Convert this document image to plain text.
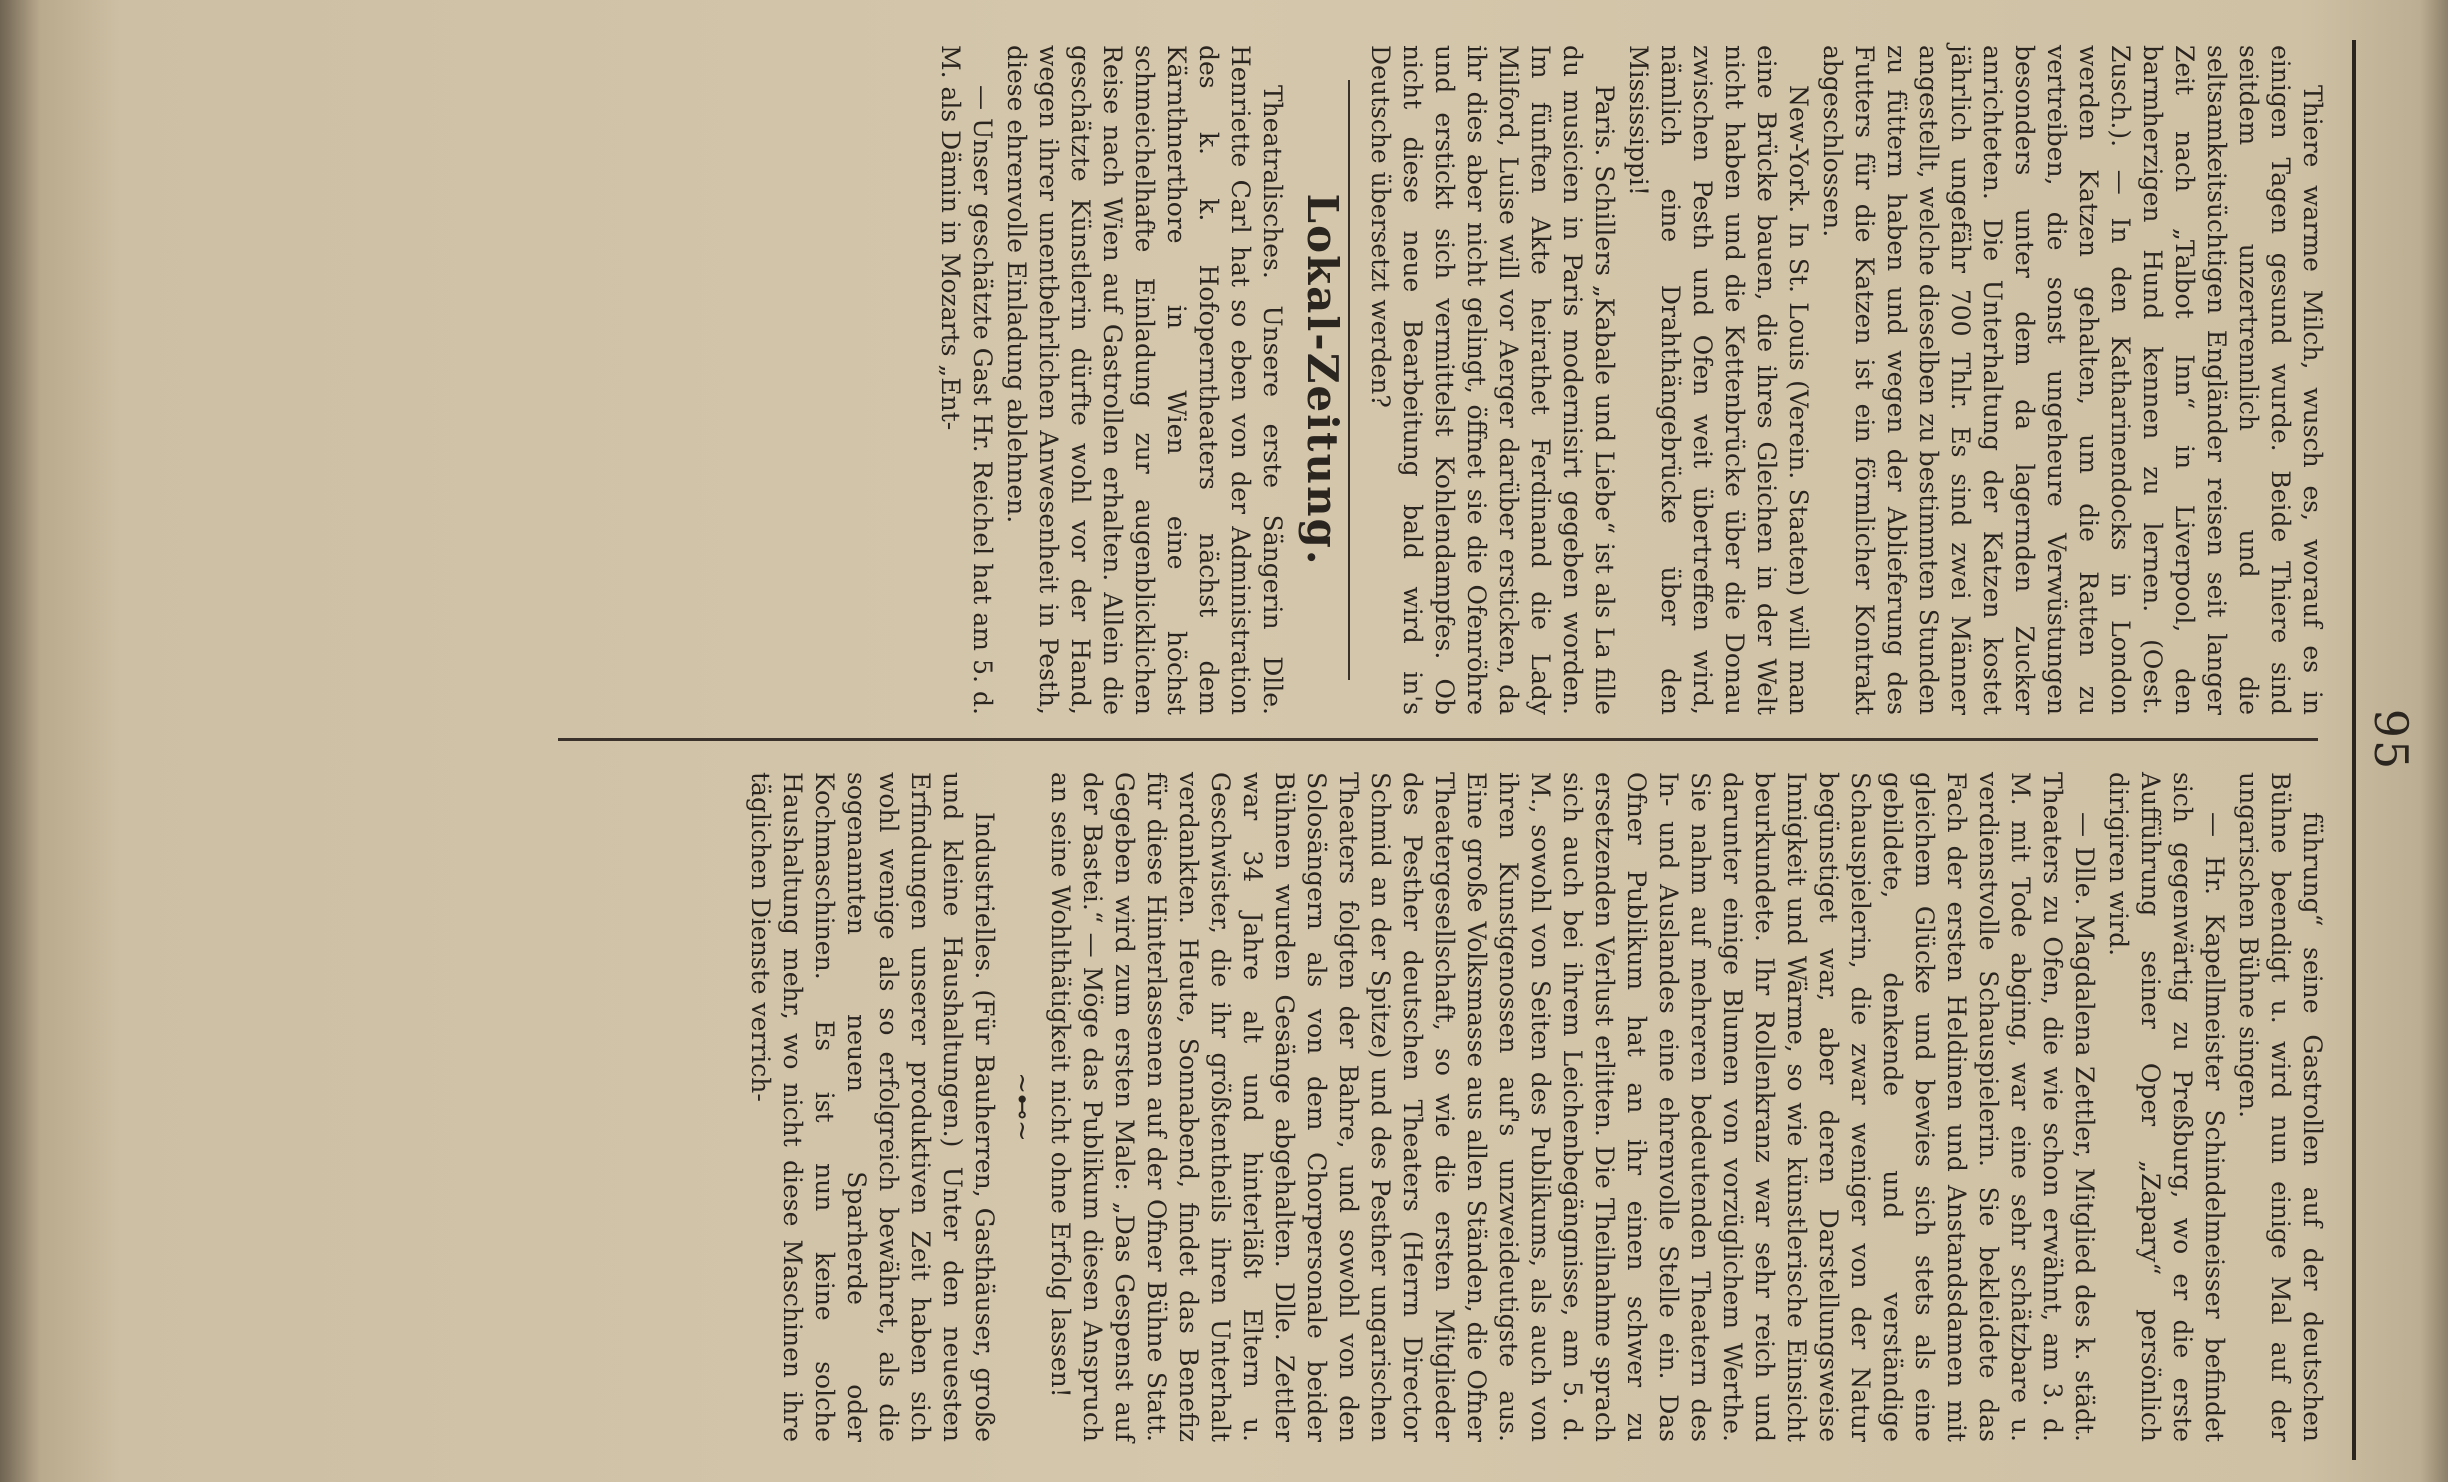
95

Thiere warme Milch, wusch es, worauf es in einigen Tagen gesund wurde. Beide Thiere sind seitdem unzertrennlich und die seltsamkeitsüchtigen Engländer reisen seit langer Zeit nach „Talbot Inn“ in Liverpool, den barmherzigen Hund kennen zu lernen. (Oest. Zusch.). — In den Katharinendocks in London werden Katzen gehalten, um die Ratten zu vertreiben, die sonst ungeheure Verwüstungen besonders unter dem da lagernden Zucker anrichteten. Die Unterhaltung der Katzen kostet jährlich ungefähr 700 Thlr. Es sind zwei Männer angestellt, welche dieselben zu bestimmten Stunden zu füttern haben und wegen der Ablieferung des Futters für die Katzen ist ein förmlicher Kontrakt abgeschlossen.

New-York. In St. Louis (Verein. Staaten) will man eine Brücke bauen, die ihres Gleichen in der Welt nicht haben und die Kettenbrücke über die Donau zwischen Pesth und Ofen weit übertreffen wird, nämlich eine Drahthängebrücke über den Mississippi!

Paris. Schillers „Kabale und Liebe“ ist als La fille du musicien in Paris modernisirt gegeben worden. Im fünften Akte heirathet Ferdinand die Lady Milford, Luise will vor Aerger darüber ersticken, da ihr dies aber nicht gelingt, öffnet sie die Ofenröhre und erstickt sich vermittelst Kohlendampfes. Ob nicht diese neue Bearbeitung bald wird in's Deutsche übersetzt werden?

Lokal-Zeitung.

Theatralisches. Unsere erste Sängerin Dlle. Henriette Carl hat so eben von der Administration des k. k. Hofoperntheaters nächst dem Kärnthnerthore in Wien eine höchst schmeichelhafte Einladung zur augenblicklichen Reise nach Wien auf Gastrollen erhalten. Allein die geschätzte Künstlerin dürfte wohl vor der Hand, wegen ihrer unentbehrlichen Anwesenheit in Pesth, diese ehrenvolle Einladung ablehnen.

— Unser geschätzte Gast Hr. Reichel hat am 5. d. M. als Dämin in Mozarts „Ent-

führung“ seine Gastrollen auf der deutschen Bühne beendigt u. wird nun einige Mal auf der ungarischen Bühne singen.

— Hr. Kapellmeister Schindelmeisser befindet sich gegenwärtig zu Preßburg, wo er die erste Aufführung seiner Oper „Zapary“ persönlich dirigiren wird.

— Dlle. Magdalena Zettler, Mitglied des k. städt. Theaters zu Ofen, die wie schon erwähnt, am 3. d. M. mit Tode abging, war eine sehr schätzbare u. verdienstvolle Schauspielerin. Sie bekleidete das Fach der ersten Heldinen und Anstandsdamen mit gleichem Glücke und bewies sich stets als eine gebildete, denkende und verständige Schauspielerin, die zwar weniger von der Natur begünstiget war, aber deren Darstellungsweise Innigkeit und Wärme, so wie künstlerische Einsicht beurkundete. Ihr Rollenkranz war sehr reich und darunter einige Blumen von vorzüglichem Werthe. Sie nahm auf mehreren bedeutenden Theatern des In- und Auslandes eine ehrenvolle Stelle ein. Das Ofner Publikum hat an ihr einen schwer zu ersetzenden Verlust erlitten. Die Theilnahme sprach sich auch bei ihrem Leichenbegängnisse, am 5. d. M., sowohl von Seiten des Publikums, als auch von ihren Kunstgenossen auf's unzweideutigste aus. Eine große Volksmasse aus allen Ständen, die Ofner Theatergesellschaft, so wie die ersten Mitglieder des Pesther deutschen Theaters (Herrn Director Schmid an der Spitze) und des Pesther ungarischen Theaters folgten der Bahre, und sowohl von den Solosängern als von dem Chorpersonale beider Bühnen wurden Gesänge abgehalten. Dlle. Zettler war 34 Jahre alt und hinterläßt Eltern u. Geschwister, die ihr größtentheils ihren Unterhalt verdankten. Heute, Sonnabend, findet das Benefiz für diese Hinterlassenen auf der Ofner Bühne Statt. Gegeben wird zum ersten Male: „Das Gespenst auf der Bastei.“ — Möge das Publikum diesen Anspruch an seine Wohlthätigkeit nicht ohne Erfolg lassen!

~⊷~

Industrielles. (Für Bauherren, Gasthäuser, große und kleine Haushaltungen.) Unter den neuesten Erfindungen unserer produktiven Zeit haben sich wohl wenige als so erfolgreich bewähret, als die sogenannten neuen Sparherde oder Kochmaschinen. Es ist nun keine solche Haushaltung mehr, wo nicht diese Maschinen ihre täglichen Dienste verrich-
